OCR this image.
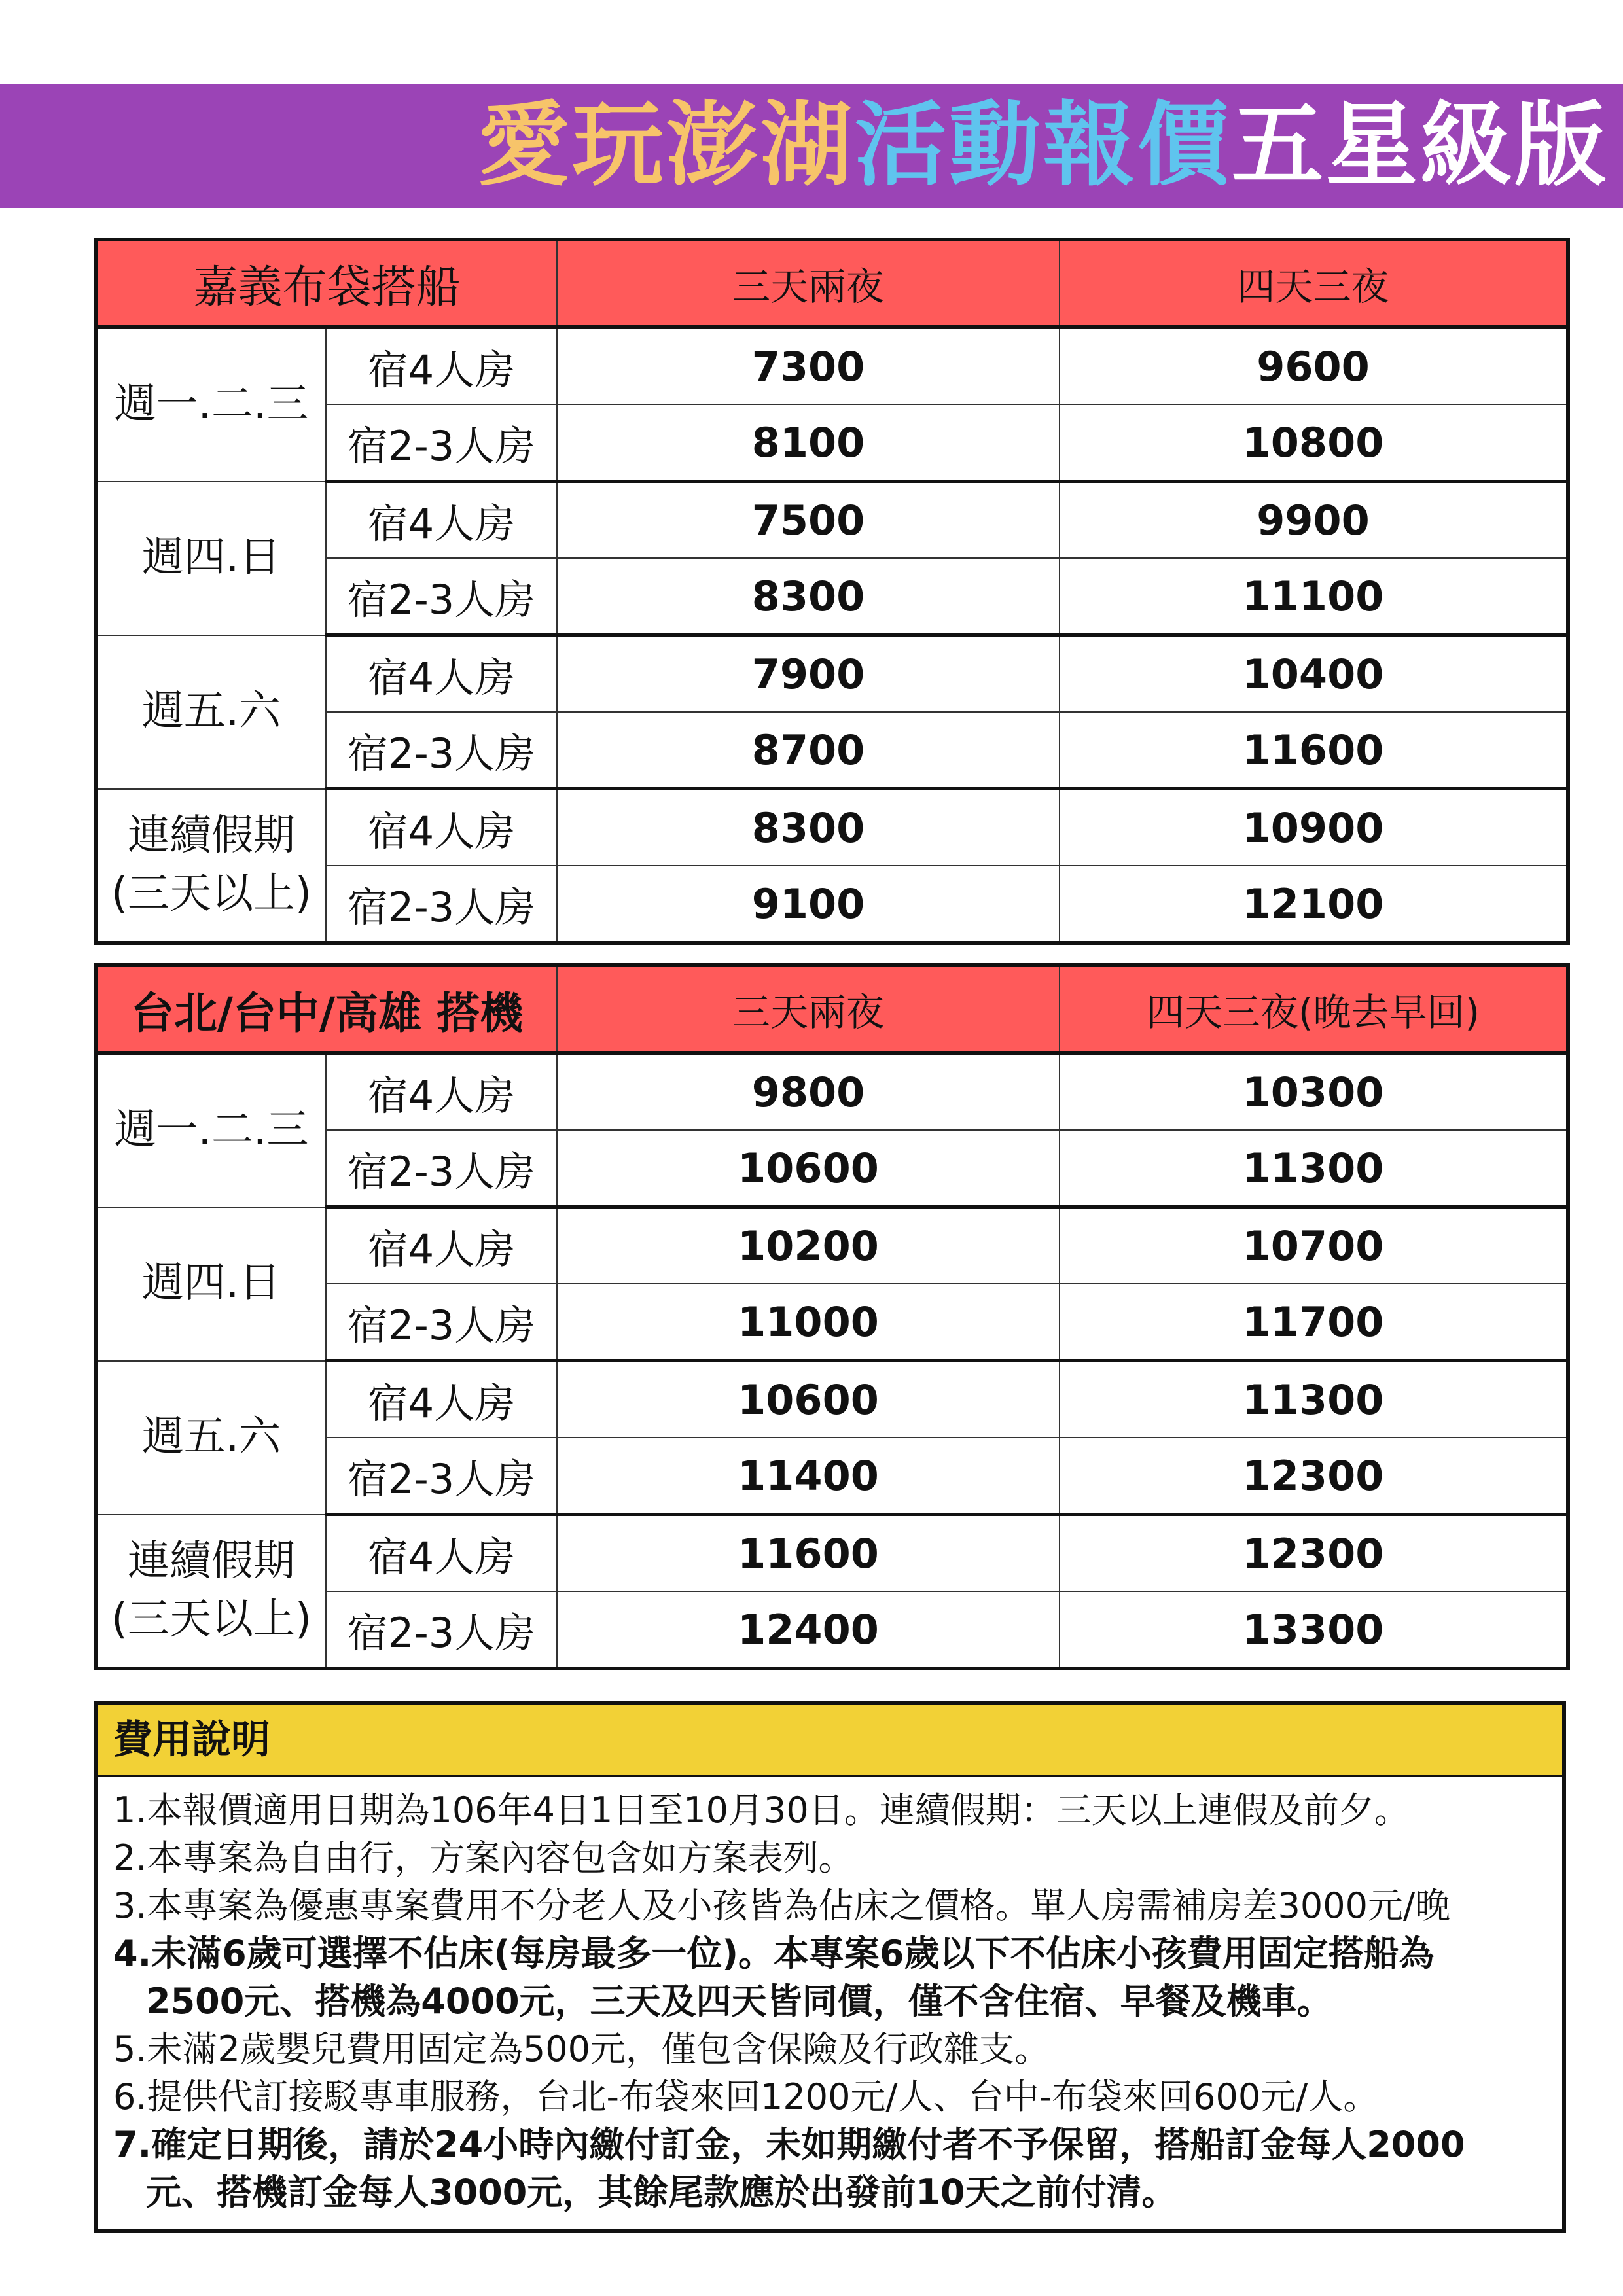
愛玩澎湖活動報價五星級版
嘉義布袋搭船		三天兩夜	四天三夜
週一.二.三	宿4人房	7300	9600
	宿2-3人房	8100	10800
週四.日	宿4人房	7500	9900
	宿2-3人房	8300	11100
週五.六	宿4人房	7900	10400
	宿2-3人房	8700	11600
連續假期
(三天以上)	宿4人房	8300	10900
	宿2-3人房	9100	12100
台北/台中/高雄 搭機		三天兩夜	四天三夜(晚去早回)
週一.二.三	宿4人房	9800	10300
	宿2-3人房	10600	11300
週四.日	宿4人房	10200	10700
	宿2-3人房	11000	11700
週五.六	宿4人房	10600	11300
	宿2-3人房	11400	12300
連續假期
(三天以上)	宿4人房	11600	12300
	宿2-3人房	12400	13300
費用說明
1.本報價適用日期為106年4日1日至10月30日。連續假期：三天以上連假及前夕。
2.本專案為自由行，方案內容包含如方案表列。
3.本專案為優惠專案費用不分老人及小孩皆為佔床之價格。單人房需補房差3000元/晚
4.未滿6歲可選擇不佔床(每房最多一位)。本專案6歲以下不佔床小孩費用固定搭船為
2500元、搭機為4000元，三天及四天皆同價，僅不含住宿、早餐及機車。
5.未滿2歲嬰兒費用固定為500元，僅包含保險及行政雜支。
6.提供代訂接駁專車服務，台北-布袋來回1200元/人、台中-布袋來回600元/人。
7.確定日期後，請於24小時內繳付訂金，未如期繳付者不予保留，搭船訂金每人2000
元、搭機訂金每人3000元，其餘尾款應於出發前10天之前付清。
